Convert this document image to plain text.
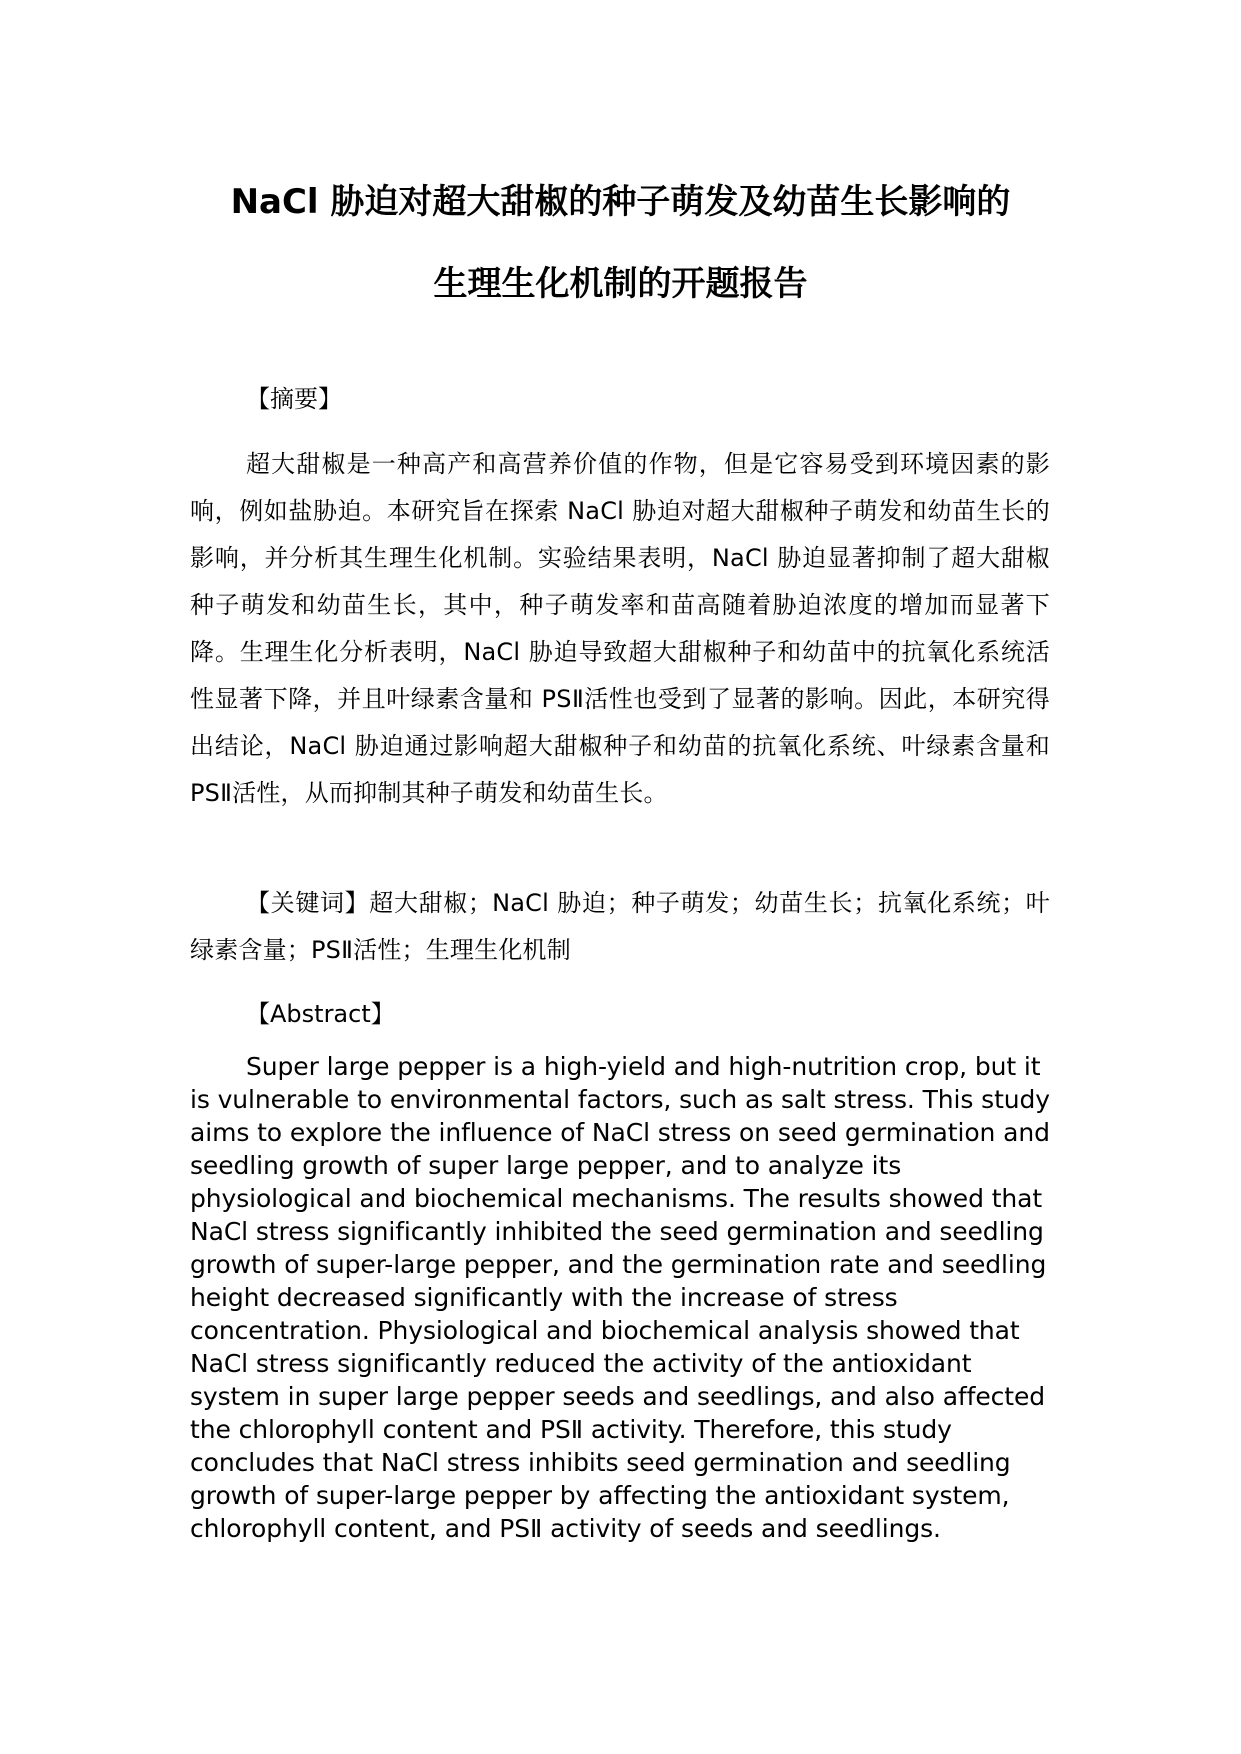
NaCl 胁迫对超大甜椒的种子萌发及幼苗生长影响的
生理生化机制的开题报告
【摘要】
超大甜椒是一种高产和高营养价值的作物，但是它容易受到环境因素的影响，例如盐胁迫。本研究旨在探索 NaCl 胁迫对超大甜椒种子萌发和幼苗生长的影响，并分析其生理生化机制。实验结果表明，NaCl 胁迫显著抑制了超大甜椒种子萌发和幼苗生长，其中，种子萌发率和苗高随着胁迫浓度的增加而显著下降。生理生化分析表明，NaCl 胁迫导致超大甜椒种子和幼苗中的抗氧化系统活性显著下降，并且叶绿素含量和 PSⅡ活性也受到了显著的影响。因此，本研究得出结论，NaCl 胁迫通过影响超大甜椒种子和幼苗的抗氧化系统、叶绿素含量和 PSⅡ活性，从而抑制其种子萌发和幼苗生长。
【关键词】超大甜椒；NaCl 胁迫；种子萌发；幼苗生长；抗氧化系统；叶绿素含量；PSⅡ活性；生理生化机制
【Abstract】
Super large pepper is a high-yield and high-nutrition crop, but it is vulnerable to environmental factors, such as salt stress. This study aims to explore the influence of NaCl stress on seed germination and seedling growth of super large pepper, and to analyze its physiological and biochemical mechanisms. The results showed that NaCl stress significantly inhibited the seed germination and seedling growth of super-large pepper, and the germination rate and seedling height decreased significantly with the increase of stress concentration. Physiological and biochemical analysis showed that NaCl stress significantly reduced the activity of the antioxidant system in super large pepper seeds and seedlings, and also affected the chlorophyll content and PSⅡ activity. Therefore, this study concludes that NaCl stress inhibits seed germination and seedling growth of super-large pepper by affecting the antioxidant system, chlorophyll content, and PSⅡ activity of seeds and seedlings.
